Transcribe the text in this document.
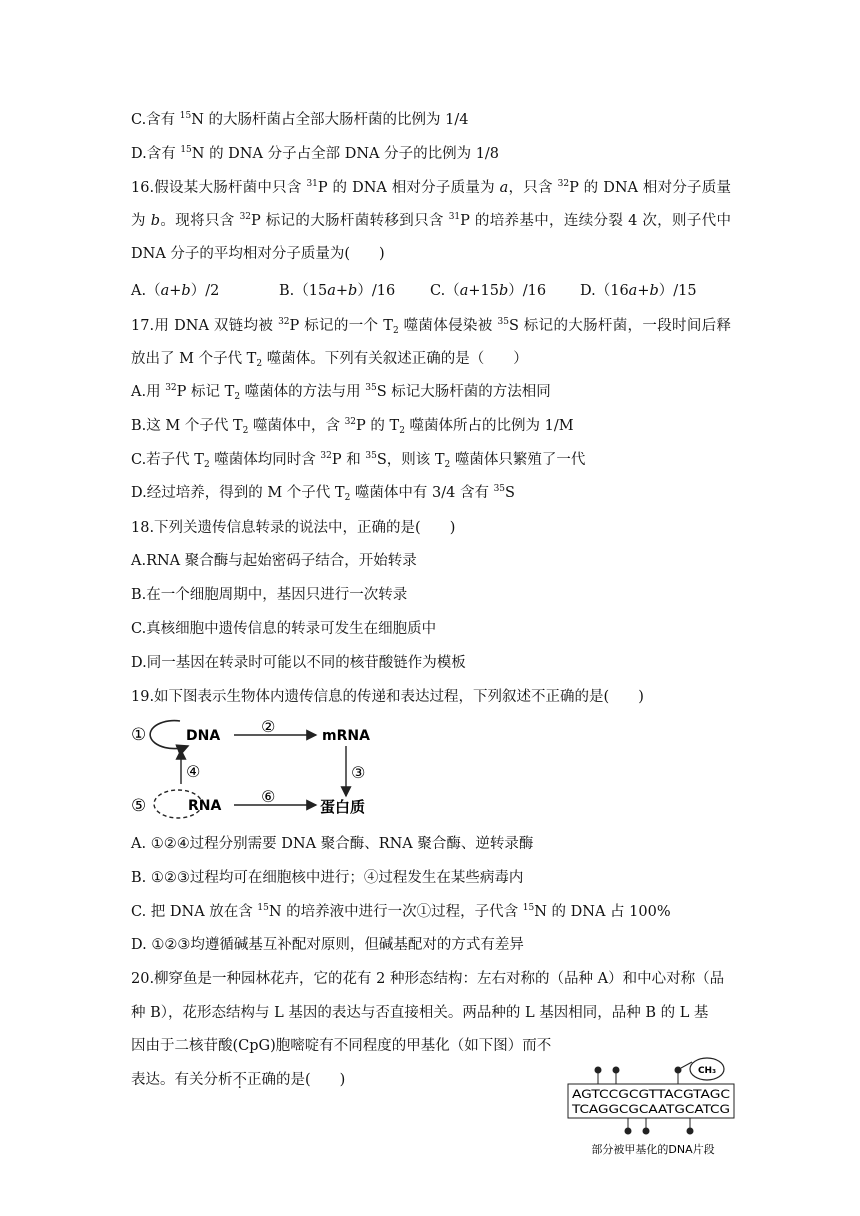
C.含有 $^{15}$N 的大肠杆菌占全部大肠杆菌的比例为 1/4
D.含有 $^{15}$N 的 DNA 分子占全部 DNA 分子的比例为 1/8
16.假设某大肠杆菌中只含 $^{31}$P 的 DNA 相对分子质量为 a，只含 $^{32}$P 的 DNA 相对分子质量为 b。现将只含 $^{32}$P 标记的大肠杆菌转移到只含 $^{31}$P 的培养基中，连续分裂 4 次，则子代中 DNA 分子的平均相对分子质量为(　　)
A.（a+b）/2	B.（15a+b）/16 C.（a+15b）/16 D.（16a+b）/15
17.用 DNA 双链均被 $^{32}$P 标记的一个 $T_2$ 噬菌体侵染被 $^{35}$S 标记的大肠杆菌，一段时间后释放出了 M 个子代 $T_2$ 噬菌体。下列有关叙述正确的是（　　）
A.用 $^{32}$P 标记 $T_2$ 噬菌体的方法与用 $^{35}$S 标记大肠杆菌的方法相同
B.这 M 个子代 $T_2$ 噬菌体中，含 $^{32}$P 的 $T_2$ 噬菌体所占的比例为 1/M
C.若子代 $T_2$ 噬菌体均同时含 $^{32}$P 和 $^{35}$S，则该 $T_2$ 噬菌体只繁殖了一代
D.经过培养，得到的 M 个子代 $T_2$ 噬菌体中有 3/4 含有 $^{35}$S
18.下列关遗传信息转录的说法中，正确的是(　　)
A.RNA 聚合酶与起始密码子结合，开始转录
B.在一个细胞周期中，基因只进行一次转录
C.真核细胞中遗传信息的转录可发生在细胞质中
D.同一基因在转录时可能以不同的核苷酸链作为模板
19.如下图表示生物体内遗传信息的传递和表达过程，下列叙述不正确的是(　　)
①	DNA	②	mRNA
③
④
⑤	RNA ⑥
蛋白质
A. ①②④过程分别需要 DNA 聚合酶、RNA 聚合酶、逆转录酶
B. ①②③过程均可在细胞核中进行；④过程发生在某些病毒内
C. 把 DNA 放在含 $^{15}$N 的培养液中进行一次①过程，子代含 $^{15}$N 的 DNA 占 100%
D. ①②③均遵循碱基互补配对原则，但碱基配对的方式有差异
20.柳穿鱼是一种园林花卉，它的花有 2 种形态结构：左右对称的（品种 A）和中心对称（品
种 B），花形态结构与 L 基因的表达与否直接相关。两品种的 L 基因相同，品种 B 的 L 基
因由于二核苷酸(CpG)胞嘧啶有不同程度的甲基化（如下图）而不
表达。有关分析不正确的是(　　)
CH₃
AGTCCGCGTTACGTAGC
TCAGGCGCAATGCATCG
部分被甲基化的DNA片段
